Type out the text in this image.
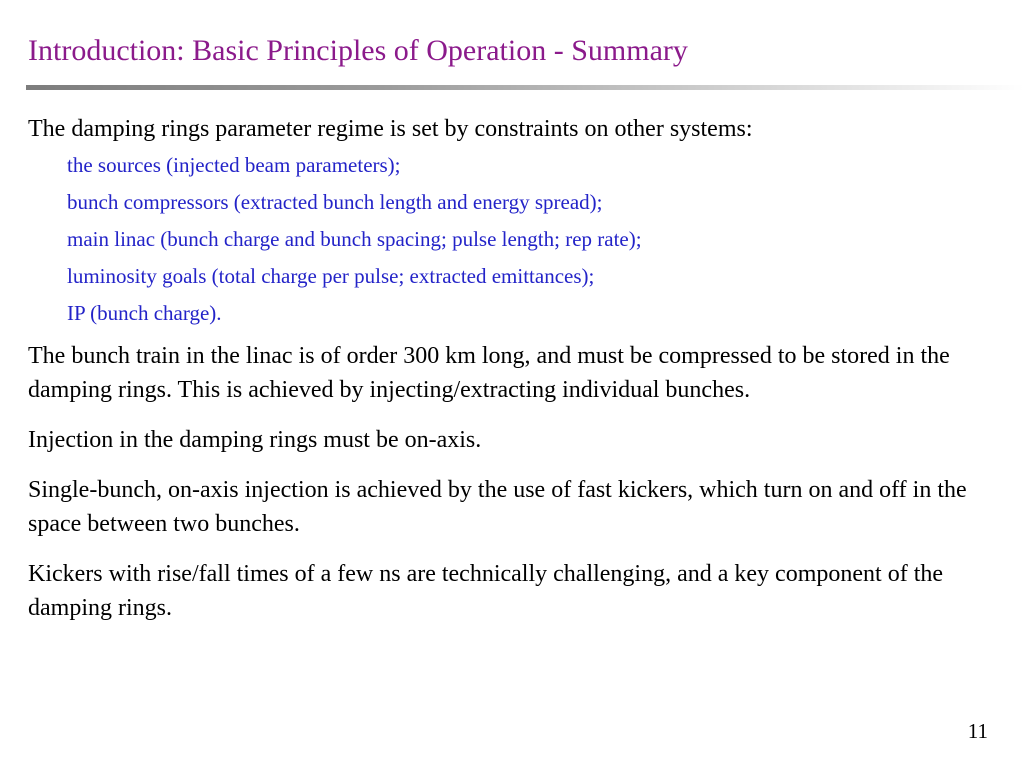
Introduction: Basic Principles of Operation - Summary

The damping rings parameter regime is set by constraints on other systems:

the sources (injected beam parameters);
bunch compressors (extracted bunch length and energy spread);
main linac (bunch charge and bunch spacing; pulse length; rep rate);
luminosity goals (total charge per pulse; extracted emittances);
IP (bunch charge).

The bunch train in the linac is of order 300 km long, and must be compressed to be stored in the damping rings. This is achieved by injecting/extracting individual bunches.

Injection in the damping rings must be on-axis.

Single-bunch, on-axis injection is achieved by the use of fast kickers, which turn on and off in the space between two bunches.

Kickers with rise/fall times of a few ns are technically challenging, and a key component of the damping rings.

11
